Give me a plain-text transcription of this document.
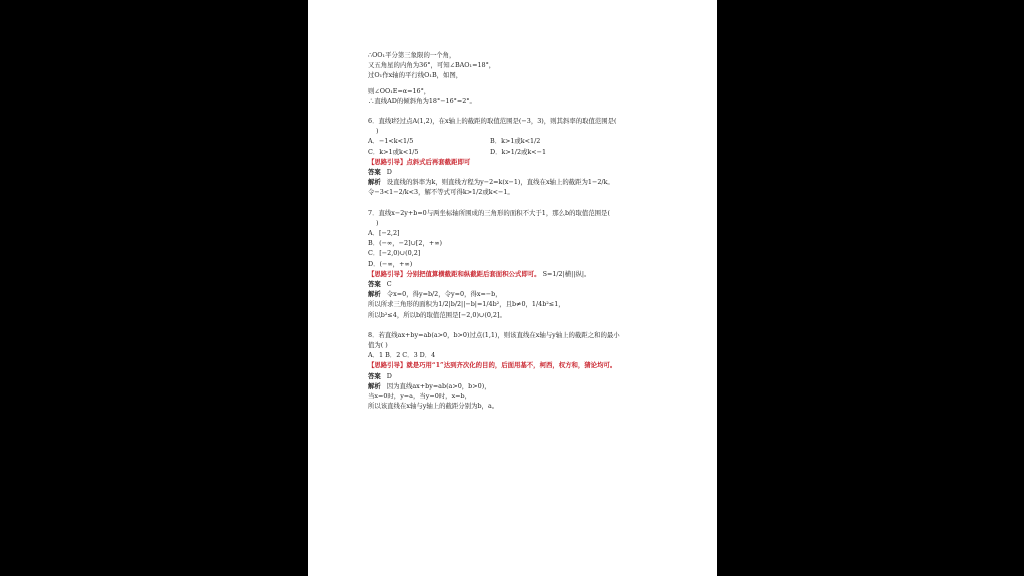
∴OO₁平分第三象限的一个角，
又五角星的内角为36°，可知∠BAO₁=18°，
过O₁作x轴的平行线O₁B，如图，
则∠OO₁E=α=16°，
∴直线AD的倾斜角为18°−16°=2°。
6．直线l经过点A(1,2)，在x轴上的截距的取值范围是(−3，3)，则其斜率的取值范围是(
)
A．−1<k<1/5	B．k>1或k<1/2
C．k>1或k<1/5	D．k>1/2或k<−1
【思路引导】点斜式后再套截距即可
答案 D
解析 设直线的斜率为k，则直线方程为y−2=k(x−1)，直线在x轴上的截距为1−2/k。
令−3<1−2/k<3，解不等式可得k>1/2或k<−1。
7．直线x−2y+b=0与两坐标轴所围成的三角形的面积不大于1，那么b的取值范围是(
)
A．[−2,2]
B．(−∞，−2]∪[2，+∞)
C．[−2,0)∪(0,2]
D．(−∞，+∞)
【思路引导】分别把值算横截距和纵截距后套面积公式即可。 S=1/2|横||纵|。
答案 C
解析 令x=0，得y=b/2，令y=0，得x=−b，
所以所求三角形的面积为1/2|b/2||−b|=1/4b²，且b≠0，1/4b²≤1，
所以b²≤4，所以b的取值范围是[−2,0)∪(0,2]。
8．若直线ax+by=ab(a>0，b>0)过点(1,1)，则该直线在x轴与y轴上的截距之和的最小
值为( )
A．1 B．2 C．3 D．4
【思路引导】就是巧用“1”达到齐次化的目的，后面用基不，柯西，权方和，猜论均可。
答案 D
解析 因为直线ax+by=ab(a>0，b>0)，
当x=0时，y=a，当y=0时，x=b，
所以该直线在x轴与y轴上的截距分别为b，a。
